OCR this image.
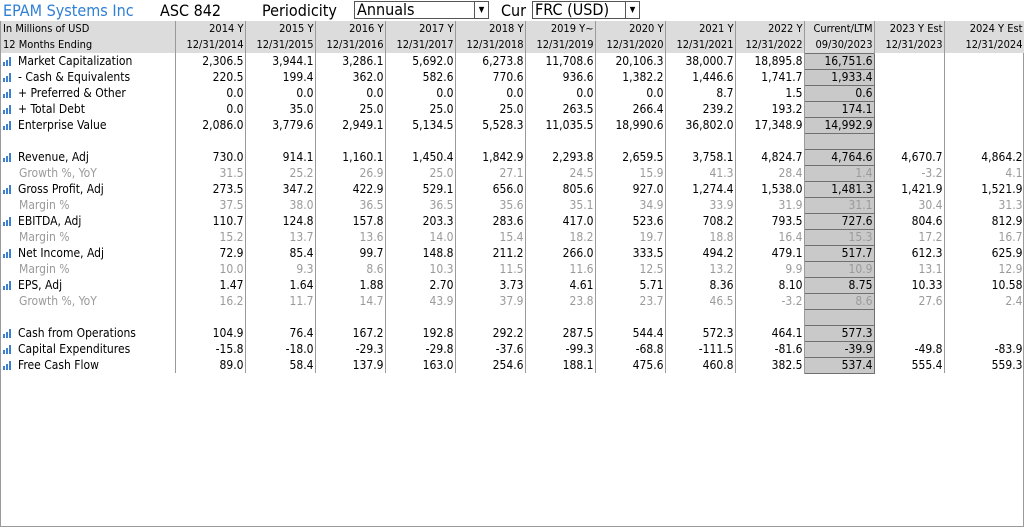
EPAM Systems Inc ASC 842	Periodicity Annuals	▼ Cur FRC (USD)	▼
In Millions of USD	2014 Y	2015 Y	2016 Y	2017 Y	2018 Y	2019 Y~	2020 Y	2021 Y	2022 Y	Current/LTM	2023 Y Est	2024 Y Est
12 Months Ending	12/31/2014	12/31/2015	12/31/2016	12/31/2017	12/31/2018	12/31/2019	12/31/2020	12/31/2021	12/31/2022	09/30/2023	12/31/2023	12/31/2024

Market Capitalization	2,306.5	3,944.1	3,286.1	5,692.0	6,273.8	11,708.6	20,106.3	38,000.7	18,895.8	16,751.6		

- Cash & Equivalents	220.5	199.4	362.0	582.6	770.6	936.6	1,382.2	1,446.6	1,741.7	1,933.4		

+ Preferred & Other	0.0	0.0	0.0	0.0	0.0	0.0	0.0	8.7	1.5	0.6		

+ Total Debt	0.0	35.0	25.0	25.0	25.0	263.5	266.4	239.2	193.2	174.1		

Enterprise Value	2,086.0	3,779.6	2,949.1	5,134.5	5,528.3	11,035.5	18,990.6	36,802.0	17,348.9	14,992.9		

Revenue, Adj	730.0	914.1	1,160.1	1,450.4	1,842.9	2,293.8	2,659.5	3,758.1	4,824.7	4,764.6	4,670.7	4,864.2
Growth %, YoY	31.5	25.2	26.9	25.0	27.1	24.5	15.9	41.3	28.4	1.4	-3.2	4.1

Gross Profit, Adj	273.5	347.2	422.9	529.1	656.0	805.6	927.0	1,274.4	1,538.0	1,481.3	1,421.9	1,521.9
Margin %	37.5	38.0	36.5	36.5	35.6	35.1	34.9	33.9	31.9	31.1	30.4	31.3

EBITDA, Adj	110.7	124.8	157.8	203.3	283.6	417.0	523.6	708.2	793.5	727.6	804.6	812.9
Margin %	15.2	13.7	13.6	14.0	15.4	18.2	19.7	18.8	16.4	15.3	17.2	16.7

Net Income, Adj	72.9	85.4	99.7	148.8	211.2	266.0	333.5	494.2	479.1	517.7	612.3	625.9
Margin %	10.0	9.3	8.6	10.3	11.5	11.6	12.5	13.2	9.9	10.9	13.1	12.9

EPS, Adj	1.47	1.64	1.88	2.70	3.73	4.61	5.71	8.36	8.10	8.75	10.33	10.58
Growth %, YoY	16.2	11.7	14.7	43.9	37.9	23.8	23.7	46.5	-3.2	8.6	27.6	2.4

Cash from Operations	104.9	76.4	167.2	192.8	292.2	287.5	544.4	572.3	464.1	577.3		

Capital Expenditures	-15.8	-18.0	-29.3	-29.8	-37.6	-99.3	-68.8	-111.5	-81.6	-39.9	-49.8	-83.9

Free Cash Flow	89.0	58.4	137.9	163.0	254.6	188.1	475.6	460.8	382.5	537.4	555.4	559.3
